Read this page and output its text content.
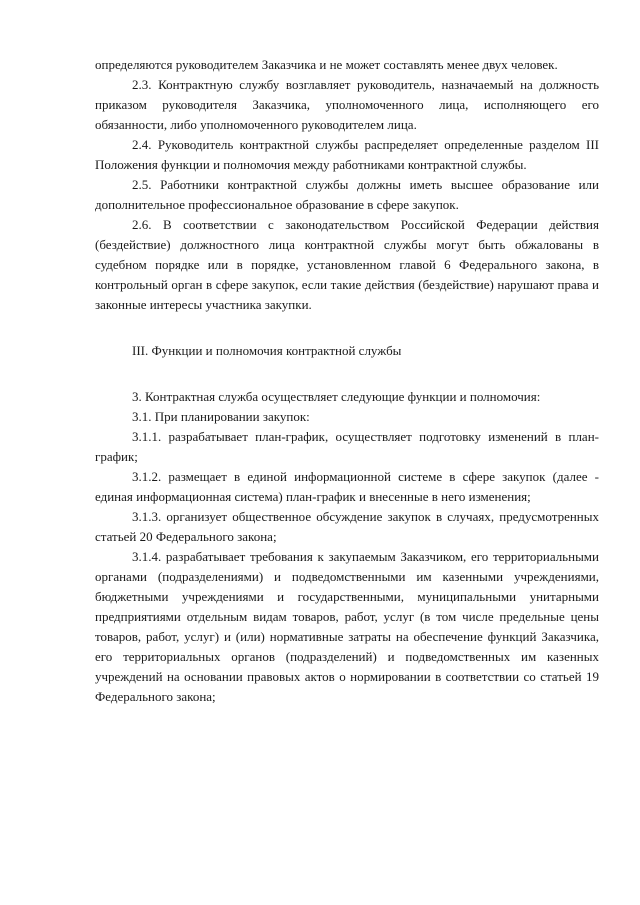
определяются руководителем Заказчика и не может составлять менее двух человек.

2.3. Контрактную службу возглавляет руководитель, назначаемый на должность приказом руководителя Заказчика, уполномоченного лица, исполняющего его обязанности, либо уполномоченного руководителем лица.

2.4. Руководитель контрактной службы распределяет определенные разделом III Положения функции и полномочия между работниками контрактной службы.

2.5. Работники контрактной службы должны иметь высшее образование или дополнительное профессиональное образование в сфере закупок.

2.6. В соответствии с законодательством Российской Федерации действия (бездействие) должностного лица контрактной службы могут быть обжалованы в судебном порядке или в порядке, установленном главой 6 Федерального закона, в контрольный орган в сфере закупок, если такие действия (бездействие) нарушают права и законные интересы участника закупки.

III. Функции и полномочия контрактной службы

3. Контрактная служба осуществляет следующие функции и полномочия:

3.1. При планировании закупок:

3.1.1. разрабатывает план-график, осуществляет подготовку изменений в план-график;

3.1.2. размещает в единой информационной системе в сфере закупок (далее - единая информационная система) план-график и внесенные в него изменения;

3.1.3. организует общественное обсуждение закупок в случаях, предусмотренных статьей 20 Федерального закона;

3.1.4. разрабатывает требования к закупаемым Заказчиком, его территориальными органами (подразделениями) и подведомственными им казенными учреждениями, бюджетными учреждениями и государственными, муниципальными унитарными предприятиями отдельным видам товаров, работ, услуг (в том числе предельные цены товаров, работ, услуг) и (или) нормативные затраты на обеспечение функций Заказчика, его территориальных органов (подразделений) и подведомственных им казенных учреждений на основании правовых актов о нормировании в соответствии со статьей 19 Федерального закона;
